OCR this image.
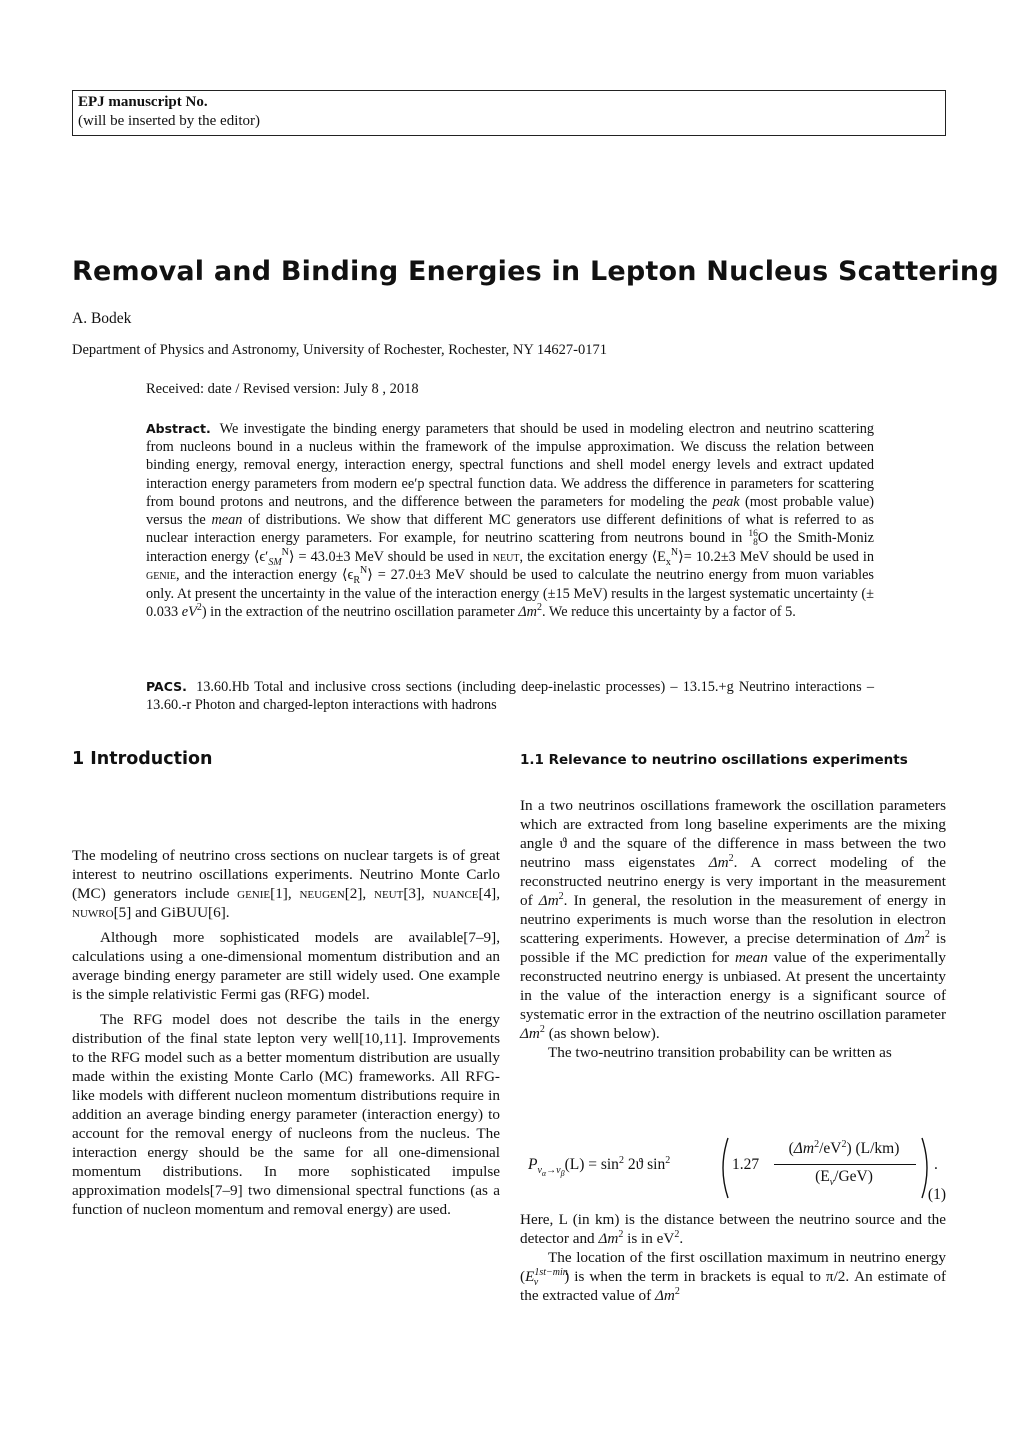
EPJ manuscript No.
(will be inserted by the editor)
Removal and Binding Energies in Lepton Nucleus Scattering
A. Bodek
Department of Physics and Astronomy, University of Rochester, Rochester, NY 14627-0171
Received: date / Revised version: July 8 , 2018
Abstract. We investigate the binding energy parameters that should be used in modeling electron and neutrino scattering from nucleons bound in a nucleus within the framework of the impulse approximation. We discuss the relation between binding energy, removal energy, interaction energy, spectral functions and shell model energy levels and extract updated interaction energy parameters from modern ee′p spectral function data. We address the difference in parameters for scattering from bound protons and neutrons, and the difference between the parameters for modeling the peak (most probable value) versus the mean of distributions. We show that different MC generators use different definitions of what is referred to as nuclear interaction energy parameters. For example, for neutrino scattering from neutrons bound in 16
8O the Smith-Moniz interaction energy $⟨\epsilon'_{SM}^N⟩ = 43.0\pm 3$ MeV should be used in neut, the excitation energy $⟨E_x^N⟩= 10.2\pm 3$ MeV should be used in genie, and the interaction energy $⟨\epsilon_R^N⟩ = 27.0\pm 3$ MeV should be used to calculate the neutrino energy from muon variables only. At present the uncertainty in the value of the interaction energy (±15 MeV) results in the largest systematic uncertainty (± 0.033 $eV^2$) in the extraction of the neutrino oscillation parameter $\Delta m^2$. We reduce this uncertainty by a factor of 5.
PACS. 13.60.Hb Total and inclusive cross sections (including deep-inelastic processes) – 13.15.+g Neutrino interactions – 13.60.-r Photon and charged-lepton interactions with hadrons
1 Introduction	1.1 Relevance to neutrino oscillations experiments

The modeling of neutrino cross sections on nuclear targets is of great interest to neutrino oscillations experiments. Neutrino Monte Carlo (MC) generators include genie[1], neugen[2], neut[3], nuance[4], nuwro[5] and GiBUU[6].

Although more sophisticated models are available[7–9], calculations using a one-dimensional momentum distribution and an average binding energy parameter are still widely used. One example is the simple relativistic Fermi gas (RFG) model.

The RFG model does not describe the tails in the energy distribution of the final state lepton very well[10,11]. Improvements to the RFG model such as a better momentum distribution are usually made within the existing Monte Carlo (MC) frameworks. All RFG-like models with different nucleon momentum distributions require in addition an average binding energy parameter (interaction energy) to account for the removal energy of nucleons from the nucleus. The interaction energy should be the same for all one-dimensional momentum distributions. In more sophisticated impulse approximation models[7–9] two dimensional spectral functions (as a function of nucleon momentum and removal energy) are used.

In a two neutrinos oscillations framework the oscillation parameters which are extracted from long baseline experiments are the mixing angle ϑ and the square of the difference in mass between the two neutrino mass eigenstates $\Delta m^2$. A correct modeling of the reconstructed neutrino energy is very important in the measurement of $\Delta m^2$. In general, the resolution in the measurement of energy in neutrino experiments is much worse than the resolution in electron scattering experiments. However, a precise determination of $\Delta m^2$ is possible if the MC prediction for mean value of the experimentally reconstructed neutrino energy is unbiased. At present the uncertainty in the value of the interaction energy is a significant source of systematic error in the extraction of the neutrino oscillation parameter $\Delta m^2$ (as shown below).

The two-neutrino transition probability can be written as

$P_{\nu_\alpha\to\nu_\beta}(L) = \sin^2 2ϑ$ $\sin^2$	1.27
$(\Delta m^2/eV^2)$ (L/km)
$(E_\nu/GeV)$
.
(1)

Here, L (in km) is the distance between the neutrino source and the detector and $\Delta m^2$ is in $eV^2$.

The location of the first oscillation maximum in neutrino energy ($E^{1st-min}_\nu$ ) is when the term in brackets is equal to π/2. An estimate of the extracted value of $\Delta m^2$
